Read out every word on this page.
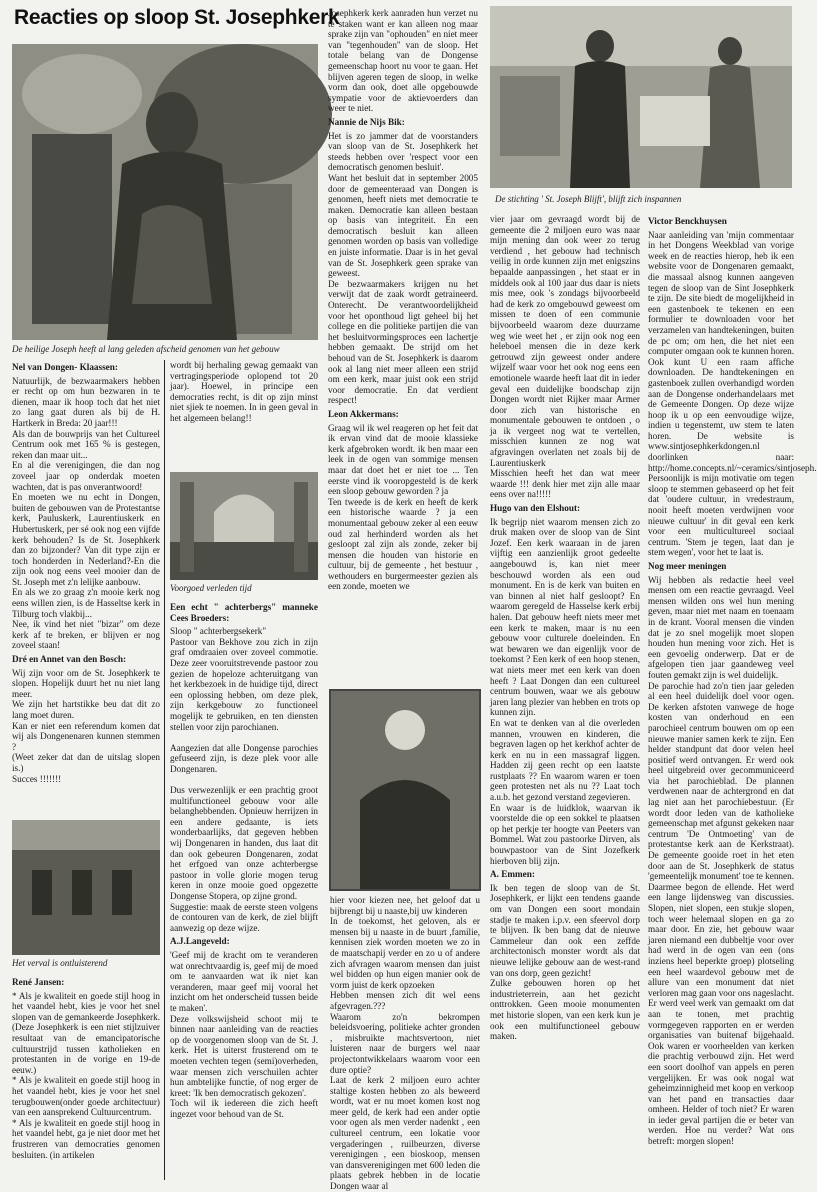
Reacties op sloop St. Josephkerk
De heilige Joseph heeft al lang geleden afscheid genomen van het gebouw

Nel van Dongen- Klaassen:

Natuurlijk, de bezwaarmakers hebben er recht op om hun bezwaren in te dienen, maar ik hoop toch dat het niet zo lang gaat duren als bij de H. Hartkerk in Breda: 20 jaar!!!
Als dan de bouwprijs van het Cultureel Centrum ook met 165 % is gestegen, reken dan maar uit...
En al die verenigingen, die dan nog zoveel jaar op onderdak moeten wachten, dat is pas onverantwoord!
En moeten we nu echt in Dongen, buiten de gebouwen van de Protestantse kerk, Pauluskerk, Laurentiuskerk en Hubertuskerk, per sé ook nog een vijfde kerk behouden? Is de St. Josephkerk dan zo bijzonder? Van dit type zijn er toch honderden in Nederland?-En die zijn ook nog eens veel mooier dan de St. Joseph met z'n lelijke aanbouw.
En als we zo graag z'n mooie kerk nog eens willen zien, is de Hasseltse kerk in Tilburg toch vlakbij...
Nee, ik vind het niet "bizar" om deze kerk af te breken, er blijven er nog zoveel staan!

Dré en Annet van den Bosch:

Wij zijn voor om de St. Josephkerk te slopen. Hopelijk duurt het nu niet lang meer.
We zijn het hartstikke beu dat dit zo lang moet duren.
Kan er niet een referendum komen dat wij als Dongenenaren kunnen stemmen ?
(Weet zeker dat dan de uitslag slopen is.)
Succes !!!!!!!

Het verval is ontluisterend

René Jansen:

* Als je kwaliteit en goede stijl hoog in het vaandel hebt, kies je voor het snel slopen van de gemankeerde Josephkerk. (Deze Josephkerk is een niet stijlzuiver resultaat van de emancipatorische cultuurstrijd tussen katholieken en protestanten in de vorige en 19-de eeuw.)
* Als je kwaliteit en goede stijl hoog in het vaandel hebt, kies je voor het snel terugbouwen(onder goede architectuur) van een aansprekend Cultuurcentrum.
* Als je kwaliteit en goede stijl hoog in het vaandel hebt, ga je niet door met het frustreren van democraties genomen besluiten. (in artikelen

wordt bij herhaling gewag gemaakt van vertragingsperiode oplopend tot 20 jaar). Hoewel, in principe een democraties recht, is dit op zijn minst niet sjiek te noemen. In in geen geval in het algemeen belang!!

Voorgoed verleden tijd

Een echt " achterbergs" manneke Cees Broeders:

Sloop " achterbergsekerk"
Pastoor van Bekhove zou zich in zijn graf omdraaien over zoveel commotie. Deze zeer vooruitstrevende pastoor zou gezien de hopeloze achteruitgang van het kerkbezoek in de huidige tijd, direct een oplossing hebben, om deze plek, zijn kerkgebouw zo functioneel mogelijk te gebruiken, en ten diensten stellen voor zijn parochianen.

Aangezien dat alle Dongense parochies gefuseerd zijn, is deze plek voor alle Dongenaren.

Dus verwezenlijk er een prachtig groot multifunctioneel gebouw voor alle belanghebbenden. Opnieuw herrijzen in een andere gedaante, is iets wonderbaarlijks, dat gegeven hebben wij Dongenaren in handen, dus laat dit dan ook gebeuren Dongenaren, zodat het erfgoed van onze achterbergse pastoor in volle glorie mogen terug keren in onze mooie goed opgezette Dongense Stopera, op zijne grond.
Suggestie: maak de eerste steen volgens de contouren van de kerk, de ziel blijft aanwezig op deze wijze.

A.J.Langeveld:

'Geef mij de kracht om te veranderen wat onrechtvaardig is, geef mij de moed om te aanvaarden wat ik niet kan veranderen, maar geef mij vooral het inzicht om het onderscheid tussen beide te maken'.
Deze volkswijsheid schoot mij te binnen naar aanleiding van de reacties op de voorgenomen sloop van de St. J. kerk. Het is uiterst frusterend om te moeten vechten tegen (semi)overheden, waar mensen zich verschuilen achter hun ambtelijke functie, of nog erger de kreet: 'Ik ben democratisch gekozen'.
Toch wil ik iedereen die zich heeft ingezet voor behoud van de St.

Josephkerk kerk aanraden hun verzet nu te staken want er kan alleen nog maar sprake zijn van "ophouden" en niet meer van "tegenhouden" van de sloop. Het totale belang van de Dongense gemeenschap hoort nu voor te gaan. Het blijven ageren tegen de sloop, in welke vorm dan ook, doet alle opgebouwde sympatie voor de aktievoerders dan weer te niet.

Nannie de Nijs Bik:

Het is zo jammer dat de voorstanders van sloop van de St. Josephkerk het steeds hebben over 'respect voor een democratisch genomen besluit'.
Want het besluit dat in september 2005 door de gemeenteraad van Dongen is genomen, heeft niets met democratie te maken. Democratie kan alleen bestaan op basis van integriteit. En een democratisch besluit kan alleen genomen worden op basis van volledige en juiste informatie. Daar is in het geval van de St. Josephkerk geen sprake van geweest.
De bezwaarmakers krijgen nu het verwijt dat de zaak wordt getraineerd. Onterecht. De verantwoordelijkheid voor het oponthoud ligt geheel bij het college en die politieke partijen die van het besluitvormingsproces een lachertje hebben gemaakt. De strijd om het behoud van de St. Josephkerk is daarom ook al lang niet meer alleen een strijd om een kerk, maar juist ook een strijd voor democratie. En dat verdient respect!

Leon Akkermans:

Graag wil ik wel reageren op het feit dat ik ervan vind dat de mooie klassieke kerk afgebroken wordt. ik ben maar een leek in de ogen van sommige mensen maar dat doet het er niet toe ... Ten eerste vind ik vooropgesteld is de kerk een sloop gebouw geworden ? ja
Ten tweede is de kerk en heeft de kerk een historische waarde ? ja een monumentaal gebouw zeker al een eeuw oud zal herhinderd worden als het gesloopt zal zijn als zonde, zeker bij mensen die houden van historie en cultuur, bij de gemeente , het bestuur , wethouders en burgermeester gezien als een zonde, moeten we

hier voor kiezen nee, het geloof dat u bijbrengt bij u naaste,bij uw kinderen
In de toekomst, het geloven, als er mensen bij u naaste in de buurt ,familie, kennisen ziek worden moeten we zo in de maatschapij verder en zo u of andere zich afvragen waarom mensen dan juist wel bidden op hun eigen manier ook de vorm juist de kerk opzoeken
Hebben mensen zich dit wel eens afgevragen.???
Waarom zo'n bekrompen beleidsvoering, politieke achter gronden , misbruikte machtsvertoon, niet luisteren naar de burgers wel naar projectontwikkelaars waarom voor een dure optie?
Laat de kerk 2 miljoen euro achter staltige kosten hebben zo als beweerd wordt, wat er nu moet komen kost nog meer geld, de kerk had een ander optie voor ogen als men verder nadenkt , een cultureel centrum, een lokatie voor vergaderingen , ruilbeurzen, diverse verenigingen , een bioskoop, mensen van dansverenigingen met 600 leden die plaats gebrek hebben in de locatie Dongen waar al

De stichting ' St. Joseph Blijft', blijft zich inspannen

vier jaar om gevraagd wordt bij de gemeente die 2 miljoen euro was naar mijn mening dan ook weer zo terug verdiend , het gebouw had technisch veilig in orde kunnen zijn met enigszins bepaalde aanpassingen , het staat er in middels ook al 100 jaar dus daar is niets mis mee, ook 's zondags bijvoorbeeld had de kerk zo omgebouwd geweest om missen te doen of een communie bijvoorbeeld waarom deze duurzame weg wie weet het , er zijn ook nog een heleboel mensen die in deze kerk getrouwd zijn geweest onder andere wijzelf waar voor het ook nog eens een emotionele waarde heeft laat dit in ieder geval een duidelijke boodschap zijn Dongen wordt niet Rijker maar Armer door zich van historische en monumentale gebouwen te ontdoen , o ja ik vergeet nog wat te vertellen, misschien kunnen ze nog wat afgravingen overlaten net zoals bij de Laurentiuskerk
Misschien heeft het dan wat meer waarde !!! denk hier met zijn alle maar eens over na!!!!!

Hugo van den Elshout:

Ik begrijp niet waarom mensen zich zo druk maken over de sloop van de Sint Jozef. Een kerk waaraan in de jaren vijftig een aanzienlijk groot gedeelte aangebouwd is, kan niet meer beschouwd worden als een oud monument. En is de kerk van buiten en van binnen al niet half gesloopt? En waarom geregeld de Hasselse kerk erbij halen. Dat gebouw heeft niets meer met een kerk te maken, maar is nu een gebouw voor culturele doeleinden. En wat bewaren we dan eigenlijk voor de toekomst ? Een kerk of een hoop stenen, wat niets meer met een kerk van doen heeft ? Laat Dongen dan een cultureel centrum bouwen, waar we als gebouw jaren lang plezier van hebben en trots op kunnen zijn.
En wat te denken van al die overleden mannen, vrouwen en kinderen, die begraven lagen op het kerkhof achter de kerk en nu in een massagraf liggen. Hadden zij geen recht op een laatste rustplaats ?? En waarom waren er toen geen protesten net als nu ?? Laat toch a.u.b. het gezond verstand zegevieren.
En waar is de luidklok, waarvan ik voorstelde die op een sokkel te plaatsen op het perkje ter hoogte van Peeters van Bommel. Wat zou pastoorke Dirven, als bouwpastoor van de Sint Jozefkerk hierboven blij zijn.

A. Emmen:

Ik ben tegen de sloop van de St. Josephkerk, er lijkt een tendens gaande om van Dongen een soort mondain stadje te maken i.p.v. een sfeervol dorp te blijven. Ik ben bang dat de nieuwe Cammeleur dan ook een zeffde architectonisch monster wordt als dat nieuwe lelijke gebouw aan de west-rand van ons dorp, geen gezicht!
Zulke gebouwen horen op het industrieterrein, aan het gezicht onttrokken. Geen mooie monumenten met historie slopen, van een kerk kun je ook een multifunctioneel gebouw maken.

Victor Benckhuysen

Naar aanleiding van 'mijn commentaar in het Dongens Weekblad van vorige week en de reacties hierop, heb ik een website voor de Dongenaren gemaakt, die massaal alsnog kunnen aangeven tegen de sloop van de Sint Josephkerk te zijn. De site biedt de mogelijkheid in een gastenboek te tekenen en een formulier te downloaden voor het verzamelen van handtekeningen, buiten de pc om; om hen, die het niet een computer omgaan ook te kunnen horen. Ook kunt U een raam affiche downloaden. De handtekeningen en gastenboek zullen overhandigd worden aan de Dongense onderhandelaars met de Gemeente Dongen. Op deze wijze hoop ik u op een eenvoudige wijze, indien u tegenstemt, uw stem te laten horen. De website is www.sintjosephkerkdongen.nl doorlinken naar: http://home.concepts.nl/~ceramics/sintjoseph. Persoonlijk is mijn motivatie om tegen sloop te stemmen gebaseerd op het feit dat 'oudere cultuur, in vredestraum, nooit heeft moeten verdwijnen voor nieuwe cultuur' in dit geval een kerk voor een multicultureel sociaal centrum. 'Stem je tegen, laat dan je stem wegen', voor het te laat is.

Nog meer meningen

Wij hebben als redactie heel veel mensen om een reactie gevraagd. Veel mensen wilden ons wel hun mening geven, maar niet met naam en toenaam in de krant. Vooral mensen die vinden dat je zo snel mogelijk moet slopen houden hun mening voor zich. Het is een gevoelig onderwerp. Dat er de afgelopen tien jaar gaandeweg veel fouten gemakt zijn is wel duidelijk.
De parochie had zo'n tien jaar geleden al een heel duidelijk doel voor ogen. De kerken afstoten vanwege de hoge kosten van onderhoud en een parochieel centrum bouwen om op een nieuwe manier samen kerk te zijn. Een helder standpunt dat door velen heel positief werd ontvangen. Er werd ook heel uitgebreid over gecommuniceerd via het parochieblad. De plannen verdwenen naar de achtergrond en dat lag niet aan het parochiebestuur. (Er wordt door leden van de katholieke gemeenschap met afgunst gekeken naar centrum 'De Ontmoeting' van de protestantse kerk aan de Kerkstraat). De gemeente gooide roet in het eten door aan de St. Josephkerk de status 'gemeentelijk monument' toe te kennen. Daarmee begon de ellende. Het werd een lange lijdensweg van discussies. Slopen, niet slopen, een stukje slopen, toch weer helemaal slopen en ga zo maar door. En zie, het gebouw waar jaren niemand een dubbeltje voor over had werd in de ogen van een (ons inziens heel beperkte groep) plotseling een heel waardevol gebouw met de allure van een monument dat niet verloren mag gaan voor ons nageslacht. Er werd veel werk van gemaakt om dat aan te tonen, met prachtig vormgegeven rapporten en er werden organisaties van buitenaf bijgehaald. Ook waren er voorheelden van kerken die prachtig verbouwd zijn. Het werd een soort doolhof van appels en peren vergelijken. Er was ook nogal wat geheimzinnigheid met koop en verkoop van het pand en transacties daar omheen. Helder of toch niet? Er waren in ieder geval partijen die er beter van werden. Hoe nu verder? Wat ons betreft: morgen slopen!
